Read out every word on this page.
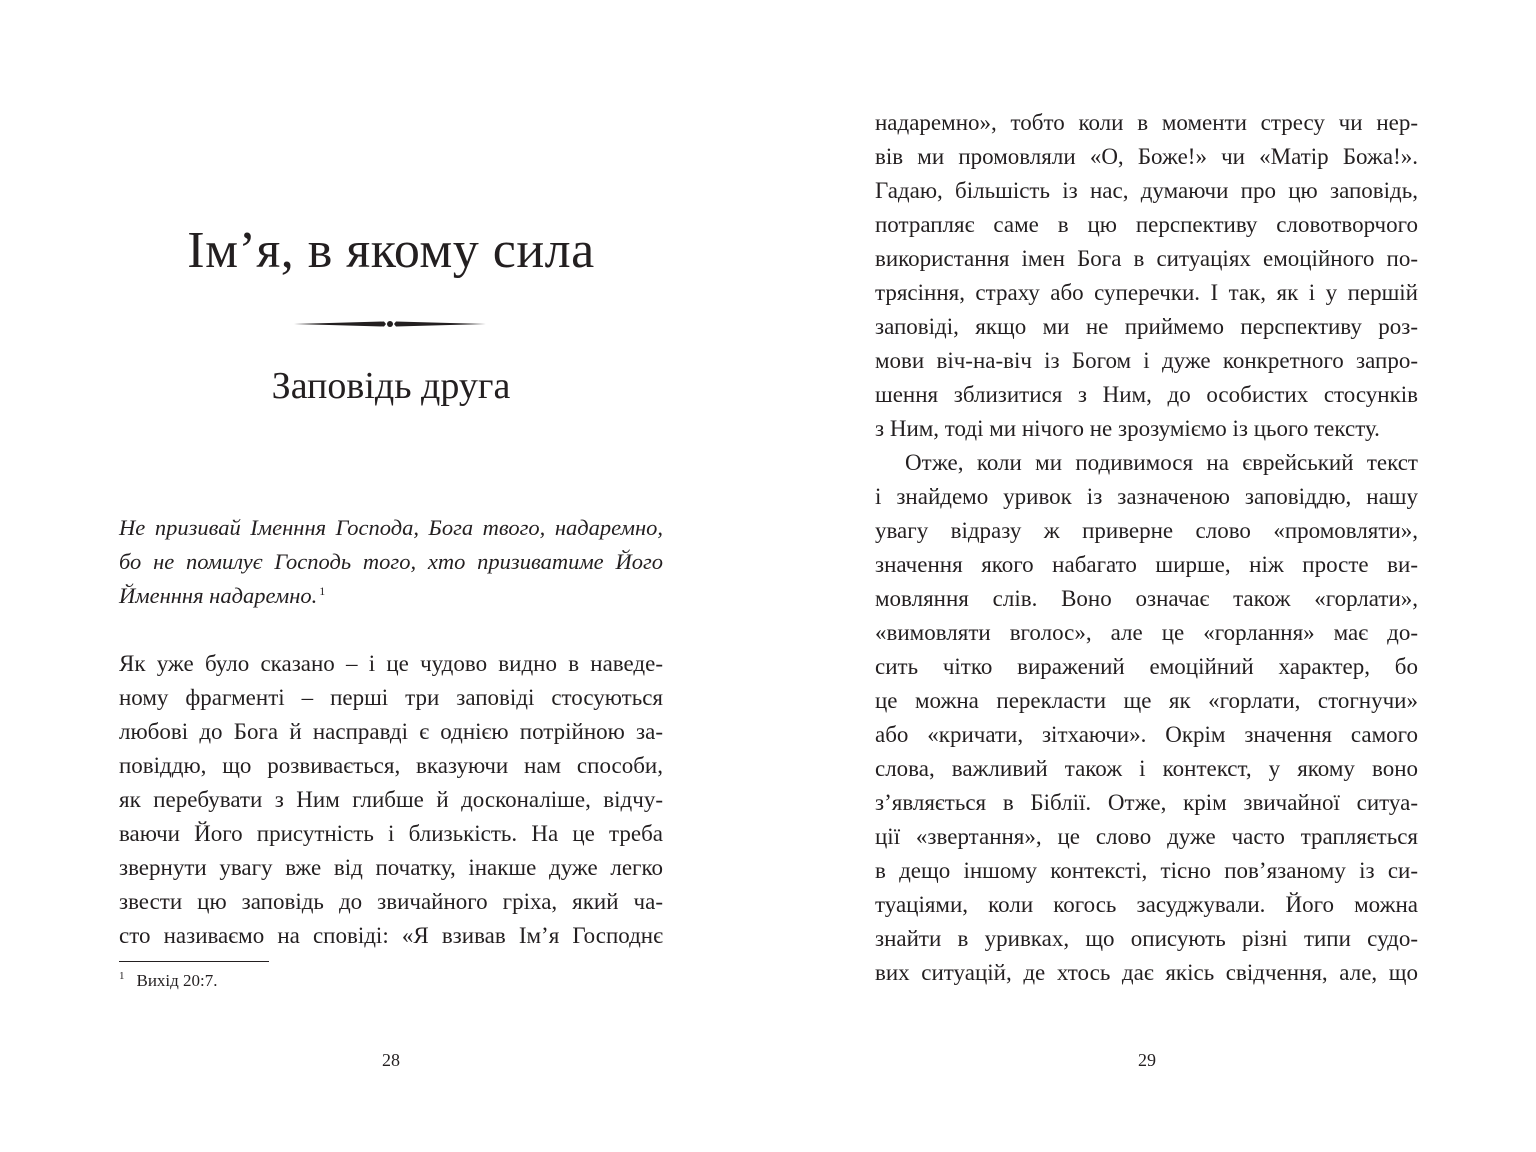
Ім’я, в якому сила
Заповідь друга
Не призивай Іменння Господа, Бога твого, надаремно,
бо не помилує Господь того, хто призиватиме Його
Йменння надаремно. $^1$
Як уже було сказано – і це чудово видно в наведе-
ному фрагменті – перші три заповіді стосуються
любові до Бога й насправді є однією потрійною за-
повіддю, що розвивається, вказуючи нам способи,
як перебувати з Ним глибше й досконаліше, відчу-
ваючи Його присутність і близькість. На це треба
звернути увагу вже від початку, інакше дуже легко
звести цю заповідь до звичайного гріха, який ча-
сто називаємо на сповіді: «Я взивав Ім’я Господнє
$^1$ Вихід 20:7.
28	29
надаремно», тобто коли в моменти стресу чи нер-
вів ми промовляли «О, Боже!» чи «Матір Божа!».
Гадаю, більшість із нас, думаючи про цю заповідь,
потрапляє саме в цю перспективу словотворчого
використання імен Бога в ситуаціях емоційного по-
трясіння, страху або суперечки. І так, як і у першій
заповіді, якщо ми не приймемо перспективу роз-
мови віч-на-віч із Богом і дуже конкретного запро-
шення зблизитися з Ним, до особистих стосунків
з Ним, тоді ми нічого не зрозуміємо із цього тексту.
Отже, коли ми подивимося на єврейський текст
і знайдемо уривок із зазначеною заповіддю, нашу
увагу відразу ж приверне слово «промовляти»,
значення якого набагато ширше, ніж просте ви-
мовляння слів. Воно означає також «горлати»,
«вимовляти вголос», але це «горлання» має до-
сить чітко виражений емоційний характер, бо
це можна перекласти ще як «горлати, стогнучи»
або «кричати, зітхаючи». Окрім значення самого
слова, важливий також і контекст, у якому воно
з’являється в Біблії. Отже, крім звичайної ситуа-
ції «звертання», це слово дуже часто трапляється
в дещо іншому контексті, тісно пов’язаному із си-
туаціями, коли когось засуджували. Його можна
знайти в уривках, що описують різні типи судо-
вих ситуацій, де хтось дає якісь свідчення, але, що
